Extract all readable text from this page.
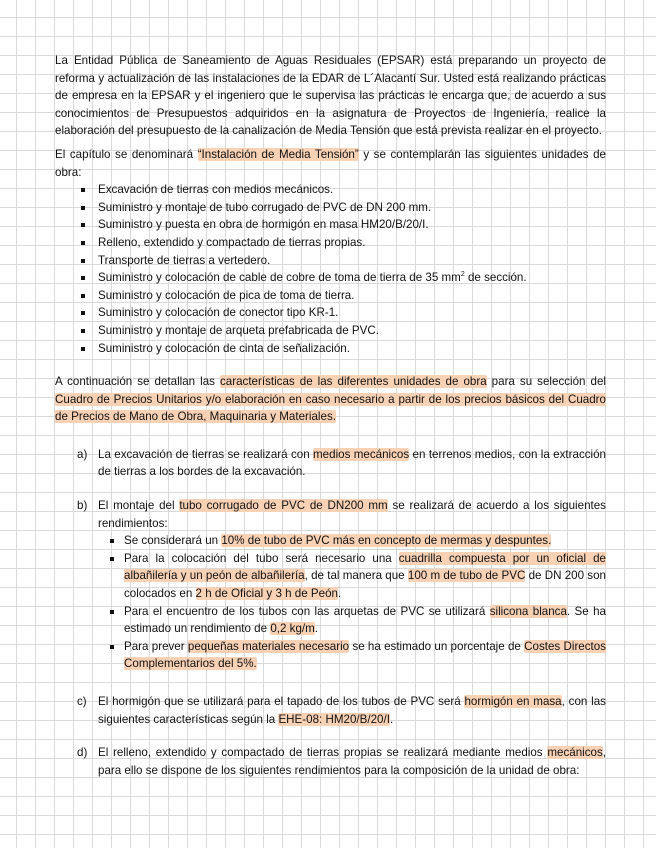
La Entidad Pública de Saneamiento de Aguas Residuales (EPSAR) está preparando un proyecto de reforma y actualización de las instalaciones de la EDAR de L´Alacantí Sur. Usted está realizando prácticas de empresa en la EPSAR y el ingeniero que le supervisa las prácticas le encarga que, de acuerdo a sus conocimientos de Presupuestos adquiridos en la asignatura de Proyectos de Ingeniería, realice la elaboración del presupuesto de la canalización de Media Tensión que está prevista realizar en el proyecto.

El capítulo se denominará “Instalación de Media Tensión” y se contemplarán las siguientes unidades de obra:

Excavación de tierras con medios mecánicos.
Suministro y montaje de tubo corrugado de PVC de DN 200 mm.
Suministro y puesta en obra de hormigón en masa HM20/B/20/I.
Relleno, extendido y compactado de tierras propias.
Transporte de tierras a vertedero.
Suministro y colocación de cable de cobre de toma de tierra de 35 $mm^2$ de sección.
Suministro y colocación de pica de toma de tierra.
Suministro y colocación de conector tipo KR-1.
Suministro y montaje de arqueta prefabricada de PVC.
Suministro y colocación de cinta de señalización.

A continuación se detallan las características de las diferentes unidades de obra para su selección del Cuadro de Precios Unitarios y/o elaboración en caso necesario a partir de los precios básicos del Cuadro de Precios de Mano de Obra, Maquinaria y Materiales.

a) La excavación de tierras se realizará con medios mecánicos en terrenos medios, con la extracción de tierras a los bordes de la excavación.
b) El montaje del tubo corrugado de PVC de DN200 mm se realizará de acuerdo a los siguientes rendimientos:
Se considerará un 10% de tubo de PVC más en concepto de mermas y despuntes.
Para la colocación del tubo será necesario una cuadrilla compuesta por un oficial de albañilería y un peón de albañilería, de tal manera que 100 m de tubo de PVC de DN 200 son colocados en 2 h de Oficial y 3 h de Peón.
Para el encuentro de los tubos con las arquetas de PVC se utilizará silicona blanca. Se ha estimado un rendimiento de 0,2 kg/m.
Para prever pequeñas materiales necesario se ha estimado un porcentaje de Costes Directos Complementarios del 5%.
c) El hormigón que se utilizará para el tapado de los tubos de PVC será hormigón en masa, con las siguientes características según la EHE-08: HM20/B/20/I.
d) El relleno, extendido y compactado de tierras propias se realizará mediante medios mecánicos, para ello se dispone de los siguientes rendimientos para la composición de la unidad de obra:
